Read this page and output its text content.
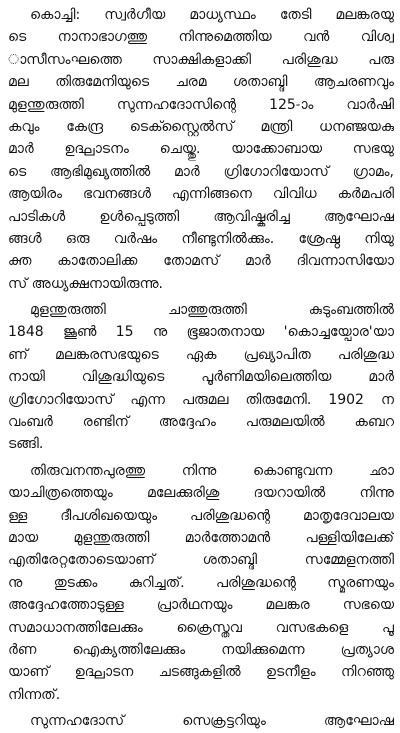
കൊച്ചി: സ്വർഗീയ മാധ്യസ്ഥം തേടി മലങ്കരയു
ടെ നാനാഭാഗത്തു നിന്നുമെത്തിയ വൻ വിശ്വ
ാസീസംഘത്തെ സാക്ഷികളാക്കി പരിശുദ്ധ പരു
മല തിരുമേനിയുടെ ചരമ ശതാബ്ദി ആചരണവും
മുളന്തുരുത്തി സുന്നഹദോസിന്റെ 125-ാം വാർഷി
കവും കേന്ദ്ര ടെക്സ്റ്റൈൽസ് മന്ത്രി ധനഞ്ജയകു
മാർ ഉദ്ഘാടനം ചെയ്തു. യാക്കോബായ സഭയു
ടെ ആഭിമുഖ്യത്തിൽ മാർ ഗ്രിഗോറിയോസ് ഗ്രാമം,
ആയിരം ഭവനങ്ങൾ എന്നിങ്ങനെ വിവിധ കർമപരി
പാടികൾ ഉൾപ്പെടുത്തി ആവിഷ്കരിച്ച ആഘോഷ
ങ്ങൾ ഒരു വർഷം നീണ്ടുനിൽക്കും. ശ്രേഷ്ഠ നിയു
ക്ത കാതോലിക്ക തോമസ് മാർ ദിവന്നാസിയോ
സ് അധ്യക്ഷനായിരുന്നു.
മുളന്തുരുത്തി ചാത്തുരുത്തി കുടുംബത്തിൽ
1848 ജൂൺ 15 നു ഭൂജാതനായ 'കൊച്ചയ്പോര'യാ
ണ് മലങ്കരസഭയുടെ ഏക പ്രഖ്യാപിത പരിശുദ്ധ
നായി വിശുദ്ധിയുടെ പൂർണിമയിലെത്തിയ മാർ
ഗ്രിഗോറിയോസ് എന്ന പരുമല തിരുമേനി. 1902 ന
വംബർ രണ്ടിന് അദ്ദേഹം പരുമലയിൽ കബറ
ടങ്ങി.
തിരുവനന്തപുരത്തു നിന്നു കൊണ്ടുവന്ന ഛാ
യാചിത്രത്തെയും മലേക്കുരിശു ദയറായിൽ നിന്നു
ള്ള ദീപശിഖയെയും പരിശുദ്ധന്റെ മാതൃദേവാലയ
മായ മുളന്തുരുത്തി മാർത്തോമൻ പള്ളിയിലേക്ക്
എതിരേറ്റതോടെയാണ് ശതാബ്ദി സമ്മേളനത്തി
നു തുടക്കം കുറിച്ചത്. പരിശുദ്ധന്റെ സ്മരണയും
അദ്ദേഹത്തോടുള്ള പ്രാർഥനയും മലങ്കര സഭയെ
സമാധാനത്തിലേക്കും ക്രൈസ്തവ വസഭകളെ പൂ
ർണ ഐക്യത്തിലേക്കും നയിക്കുമെന്ന പ്രത്യാശ
യാണ് ഉദ്ഘാടന ചടങ്ങുകളിൽ ഉടനീളം നിറഞ്ഞു
നിന്നത്.
സുന്നഹദോസ് സെക്രട്ടറിയും ആഘോഷ
